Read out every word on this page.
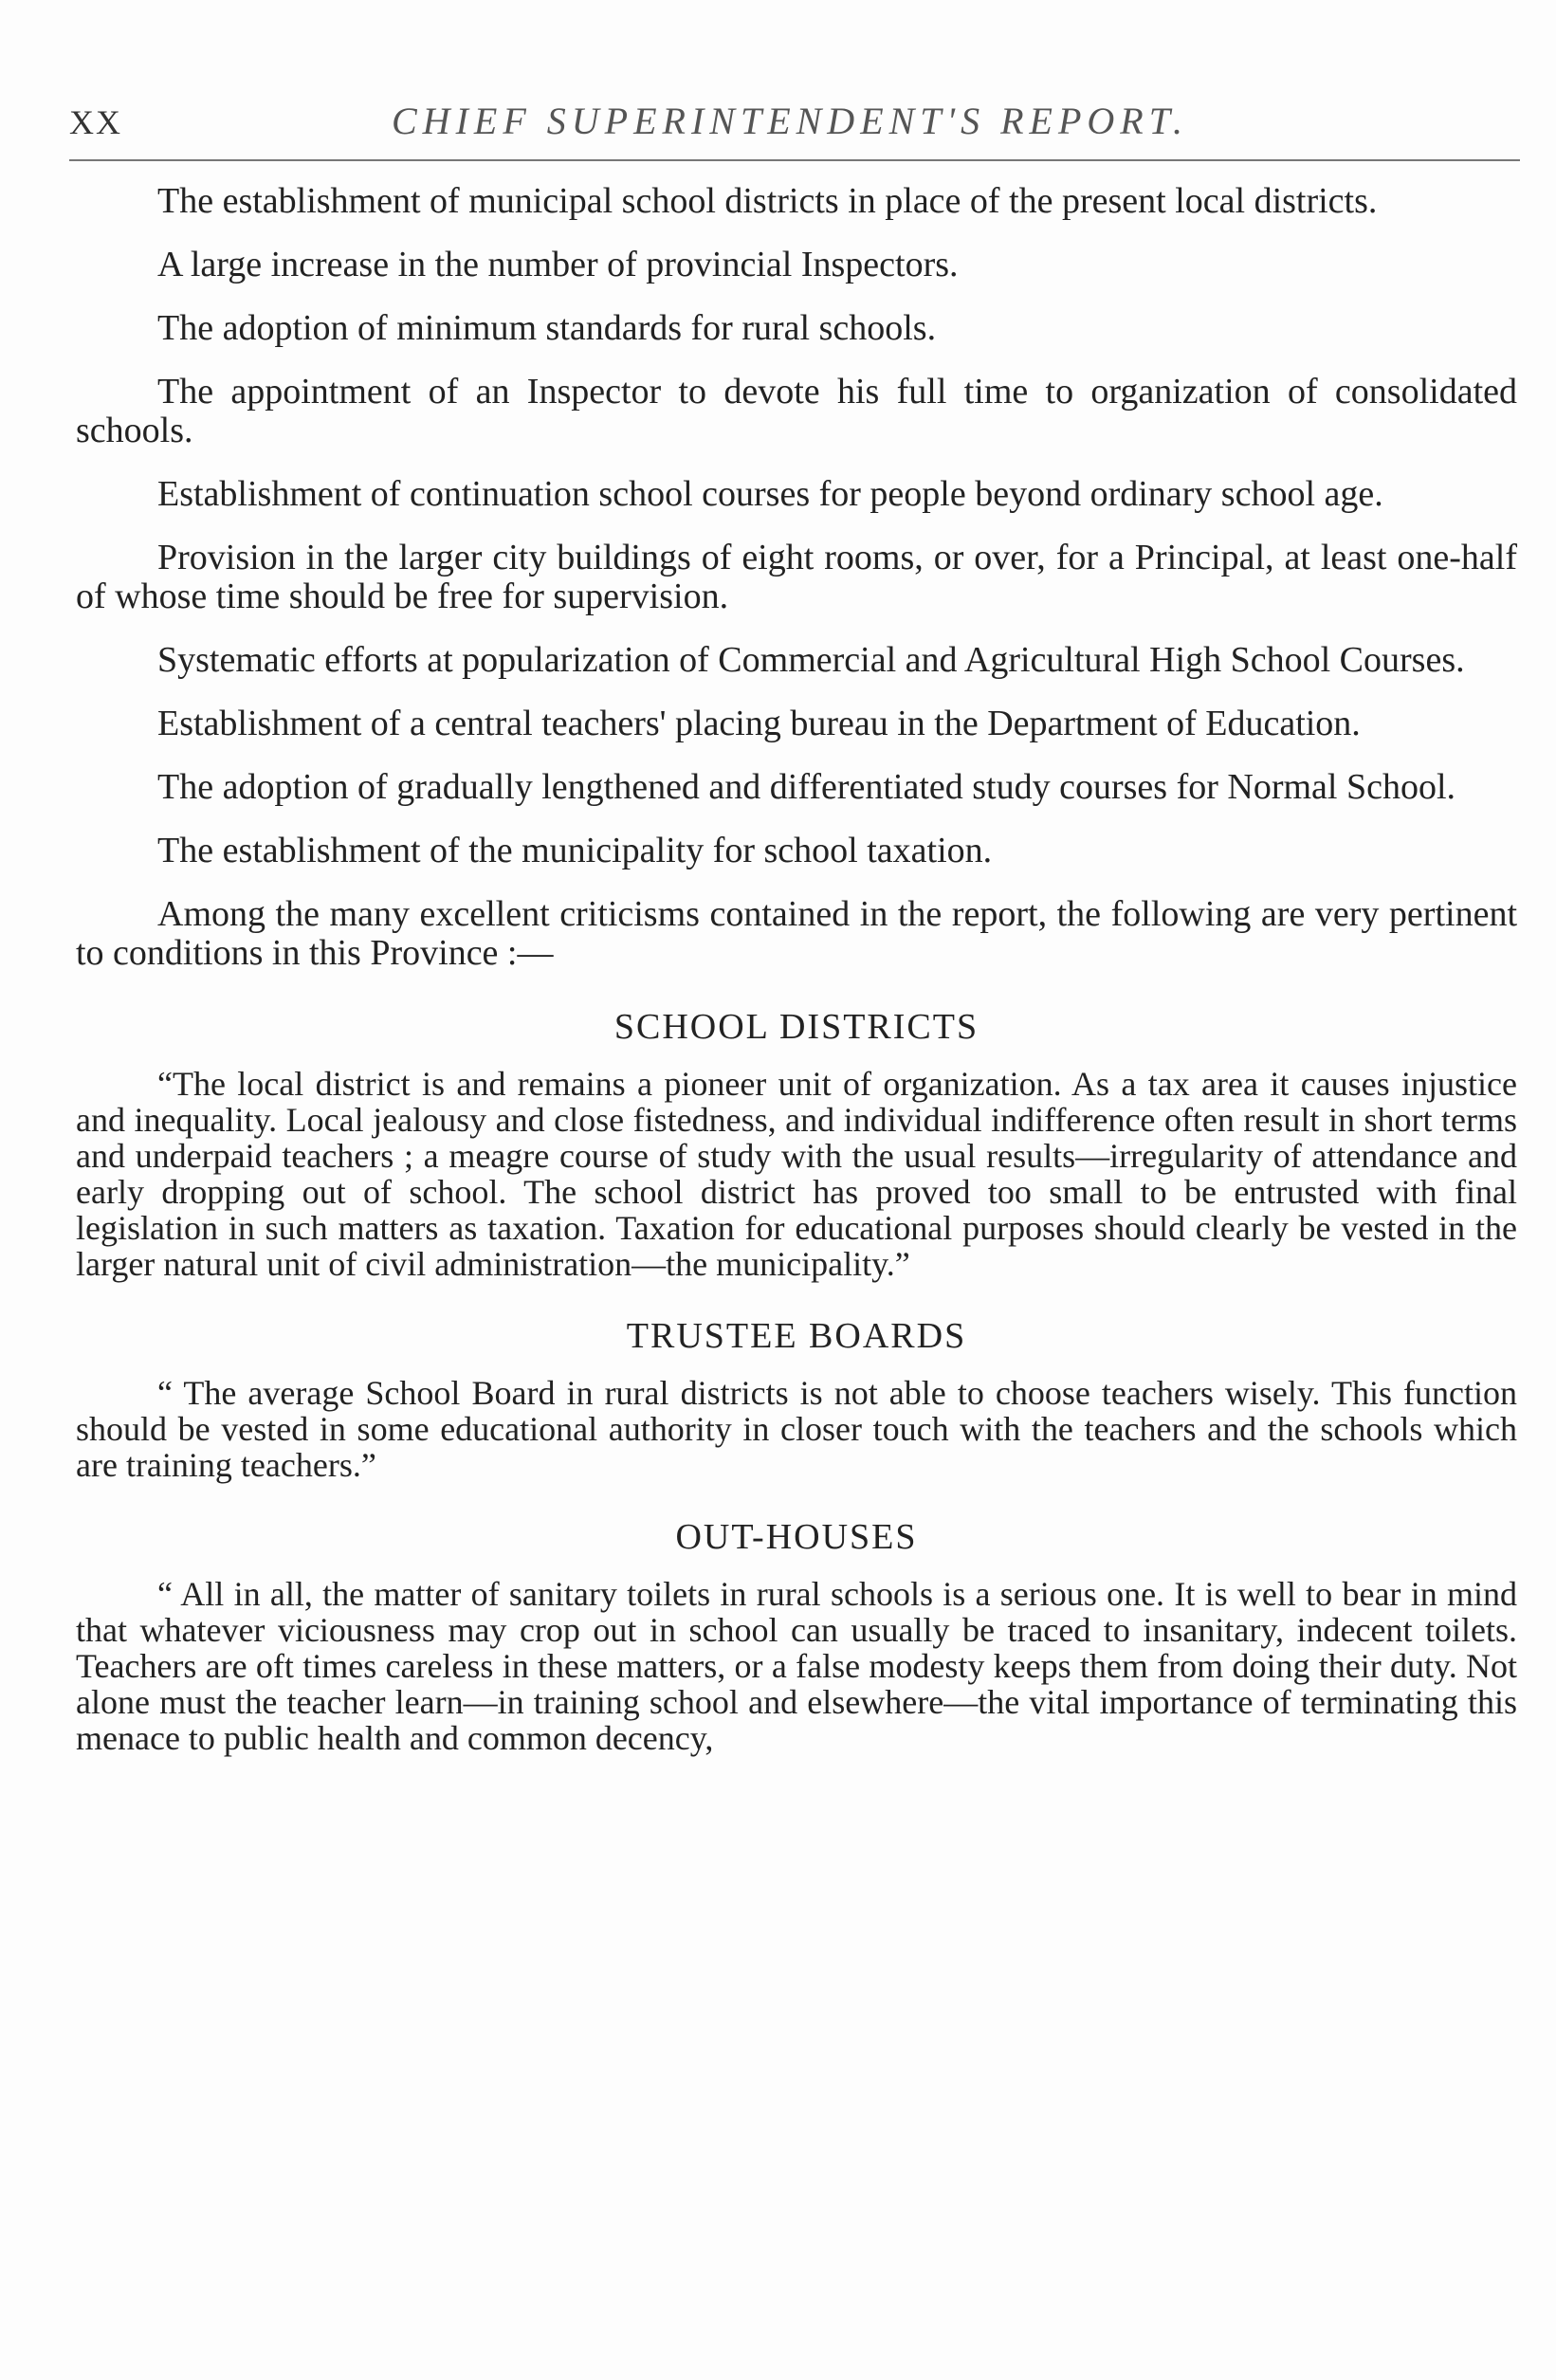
XX	CHIEF SUPERINTENDENT'S REPORT.

The establishment of municipal school districts in place of the present local districts.

A large increase in the number of provincial Inspectors.

The adoption of minimum standards for rural schools.

The appointment of an Inspector to devote his full time to organization of consolidated schools.

Establishment of continuation school courses for people beyond ordinary school age.

Provision in the larger city buildings of eight rooms, or over, for a Principal, at least one-half of whose time should be free for supervision.

Systematic efforts at popularization of Commercial and Agricultural High School Courses.

Establishment of a central teachers' placing bureau in the Department of Education.

The adoption of gradually lengthened and differentiated study courses for Normal School.

The establishment of the municipality for school taxation.

Among the many excellent criticisms contained in the report, the following are very pertinent to conditions in this Province :—

SCHOOL DISTRICTS

“The local district is and remains a pioneer unit of organization. As a tax area it causes injustice and inequality. Local jealousy and close fistedness, and individual indifference often result in short terms and underpaid teachers ; a meagre course of study with the usual results—irregularity of attendance and early dropping out of school. The school district has proved too small to be entrusted with final legislation in such matters as taxation. Taxation for educational purposes should clearly be vested in the larger natural unit of civil administration—the municipality.”

TRUSTEE BOARDS

“ The average School Board in rural districts is not able to choose teachers wisely. This function should be vested in some educational authority in closer touch with the teachers and the schools which are training teachers.”

OUT-HOUSES

“ All in all, the matter of sanitary toilets in rural schools is a serious one. It is well to bear in mind that whatever viciousness may crop out in school can usually be traced to insanitary, indecent toilets. Teachers are oft times careless in these matters, or a false modesty keeps them from doing their duty. Not alone must the teacher learn—in training school and elsewhere—the vital importance of terminating this menace to public health and common decency,
